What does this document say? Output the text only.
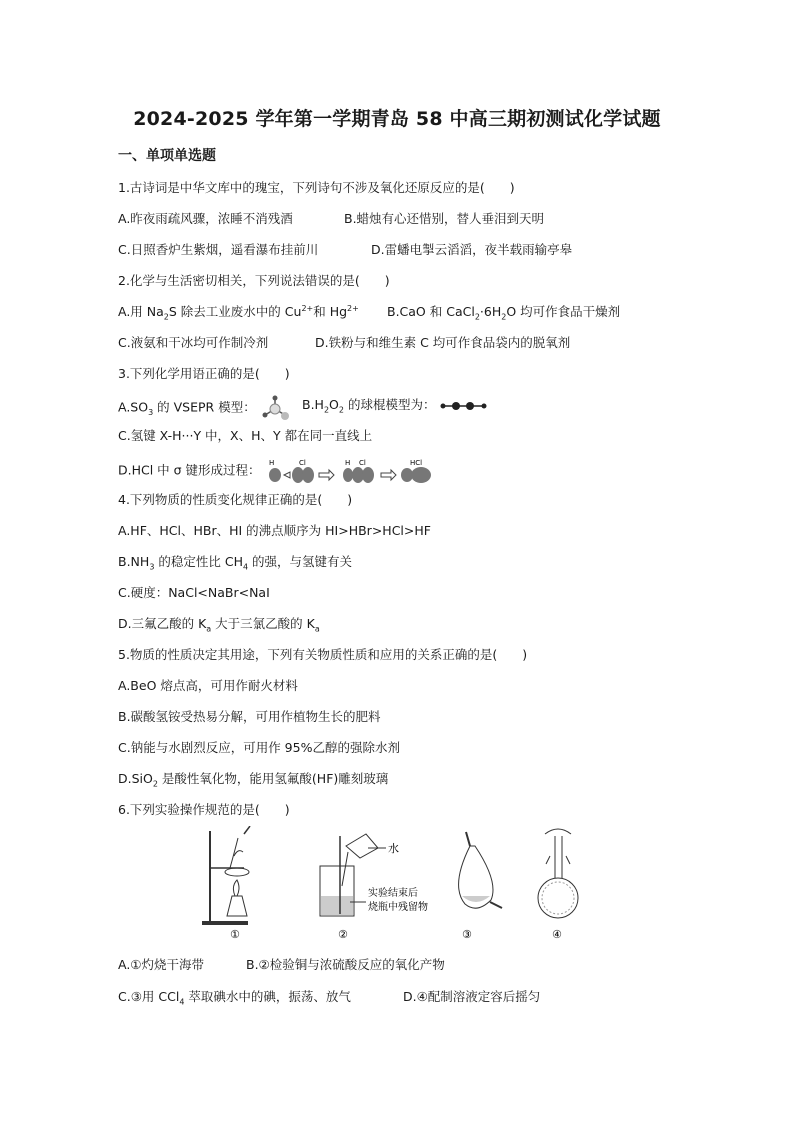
2024-2025 学年第一学期青岛 58 中高三期初测试化学试题
一、单项单选题
1.古诗词是中华文库中的瑰宝，下列诗句不涉及氧化还原反应的是(　　)
A.昨夜雨疏风骤，浓睡不消残酒	B.蜡烛有心还惜别，替人垂泪到天明
C.日照香炉生紫烟，遥看瀑布挂前川	D.雷蟠电掣云滔滔，夜半载雨输亭皋
2.化学与生活密切相关，下列说法错误的是(　　)
A.用 $Na_2S$ 除去工业废水中的 $Cu^{2+}$和 $Hg^{2+}$ B.CaO 和 $CaCl_2\cdot 6H_2O$ 均可作食品干燥剂
C.液氨和干冰均可作制冷剂	D.铁粉与和维生素 C 均可作食品袋内的脱氧剂
3.下列化学用语正确的是(　　)
$A.SO_3$ 的 VSEPR 模型：	$B.H_2O_2$ 的球棍模型为：
C.氢键 X-H···Y 中，X、H、Y 都在同一直线上
D.HCl 中 σ 键形成过程： H	Cl	H Cl	HCl
4.下列物质的性质变化规律正确的是(　　)
A.HF、HCl、HBr、HI 的沸点顺序为 HI>HBr>HCl>HF
$B.NH_3$ 的稳定性比 $CH_4$ 的强，与氢键有关
C.硬度：NaCl<NaBr<NaI
D.三氟乙酸的 $K_a$ 大于三氯乙酸的 $K_a$
5.物质的性质决定其用途，下列有关物质性质和应用的关系正确的是(　　)
A.BeO 熔点高，可用作耐火材料
B.碳酸氢铵受热易分解，可用作植物生长的肥料
C.钠能与水剧烈反应，可用作 95%乙醇的强除水剂
D.SiO$_2$ 是酸性氧化物，能用氢氟酸(HF)雕刻玻璃
6.下列实验操作规范的是(　　)
①
水
实验结束后
烧瓶中残留物
②	③	④
A.①灼烧干海带	B.②检验铜与浓硫酸反应的氧化产物
C.③用 CCl$_4$ 萃取碘水中的碘，振荡、放气	D.④配制溶液定容后摇匀
